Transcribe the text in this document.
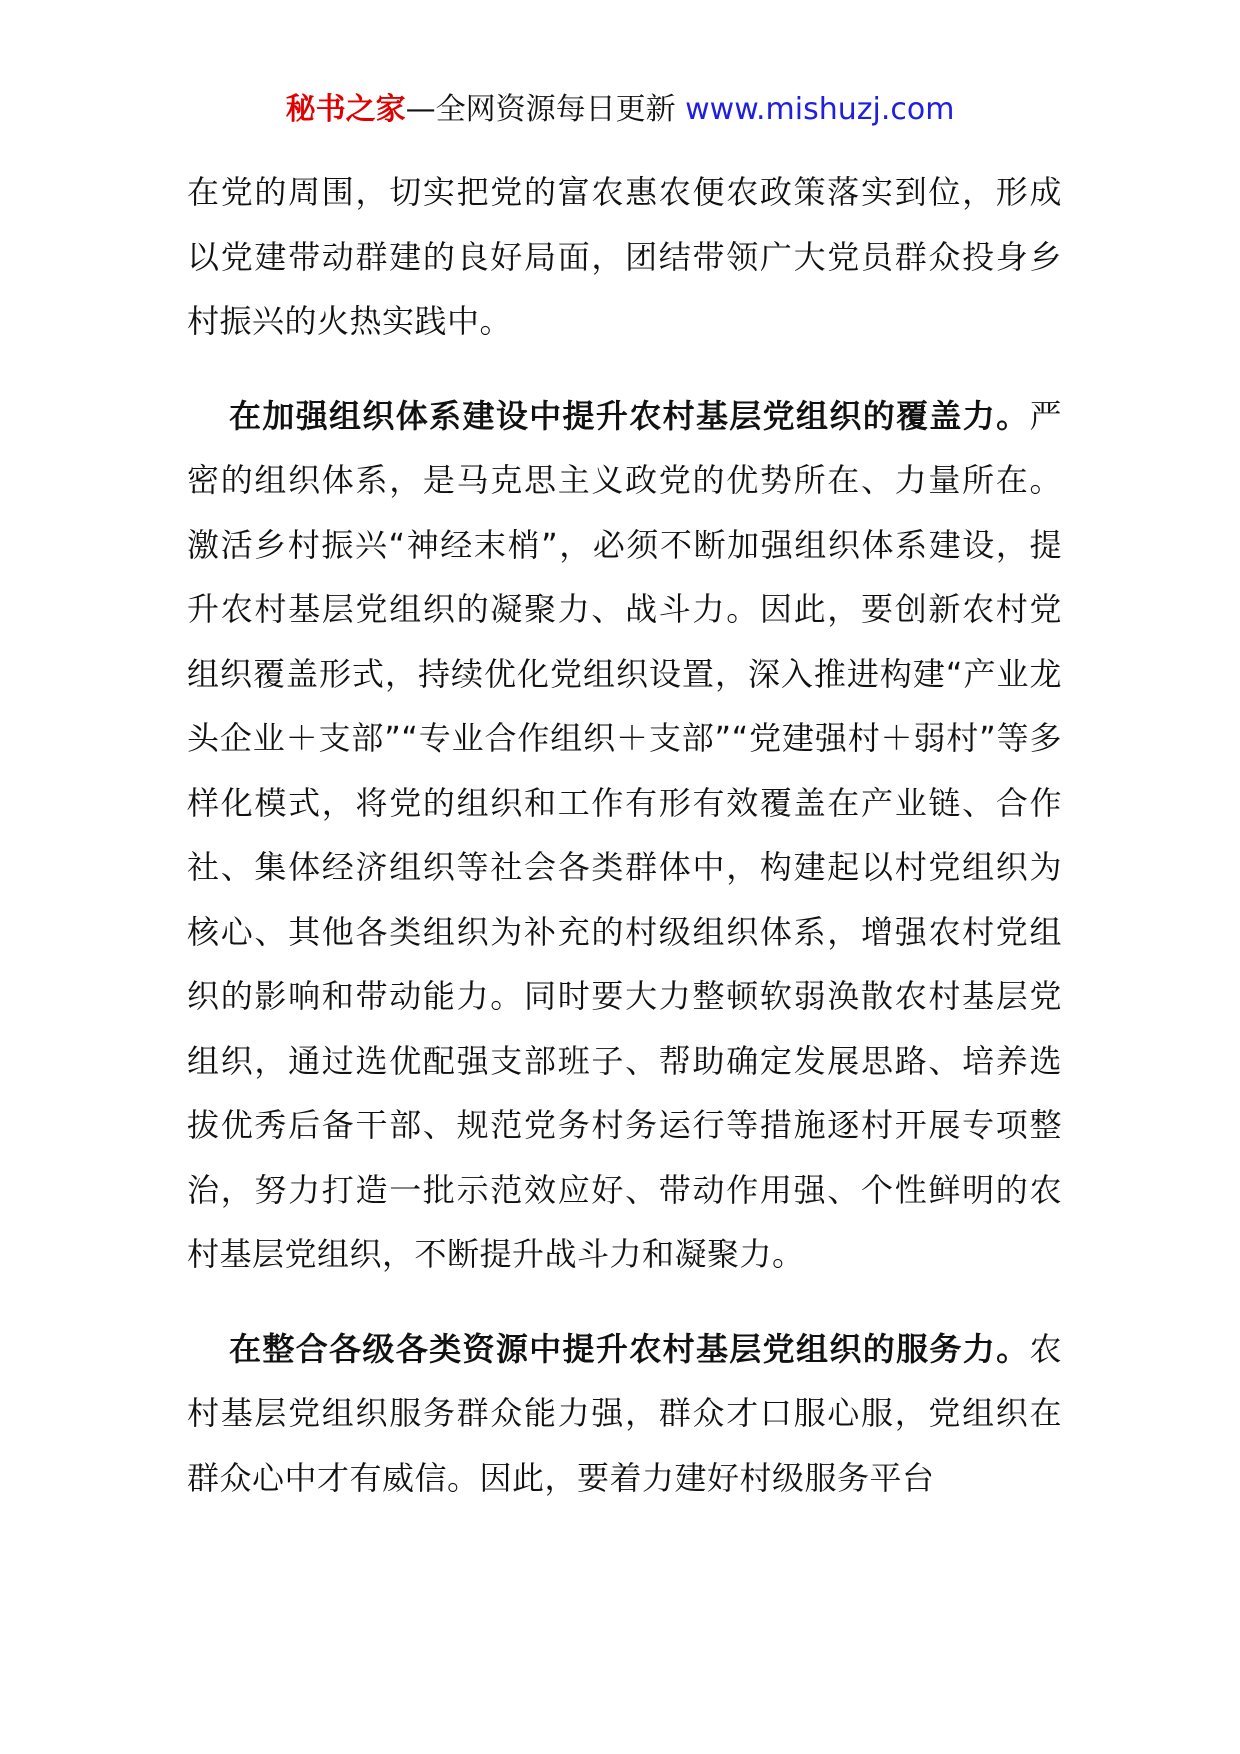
秘书之家—全网资源每日更新 www.mishuzj.com

在党的周围，切实把党的富农惠农便农政策落实到位，形成以党建带动群建的良好局面，团结带领广大党员群众投身乡村振兴的火热实践中。

在加强组织体系建设中提升农村基层党组织的覆盖力。严密的组织体系，是马克思主义政党的优势所在、力量所在。激活乡村振兴“神经末梢”，必须不断加强组织体系建设，提升农村基层党组织的凝聚力、战斗力。因此，要创新农村党组织覆盖形式，持续优化党组织设置，深入推进构建“产业龙头企业＋支部”“专业合作组织＋支部”“党建强村＋弱村”等多样化模式，将党的组织和工作有形有效覆盖在产业链、合作社、集体经济组织等社会各类群体中，构建起以村党组织为核心、其他各类组织为补充的村级组织体系，增强农村党组织的影响和带动能力。同时要大力整顿软弱涣散农村基层党组织，通过选优配强支部班子、帮助确定发展思路、培养选拔优秀后备干部、规范党务村务运行等措施逐村开展专项整治，努力打造一批示范效应好、带动作用强、个性鲜明的农村基层党组织，不断提升战斗力和凝聚力。

在整合各级各类资源中提升农村基层党组织的服务力。农村基层党组织服务群众能力强，群众才口服心服，党组织在群众心中才有威信。因此，要着力建好村级服务平台
